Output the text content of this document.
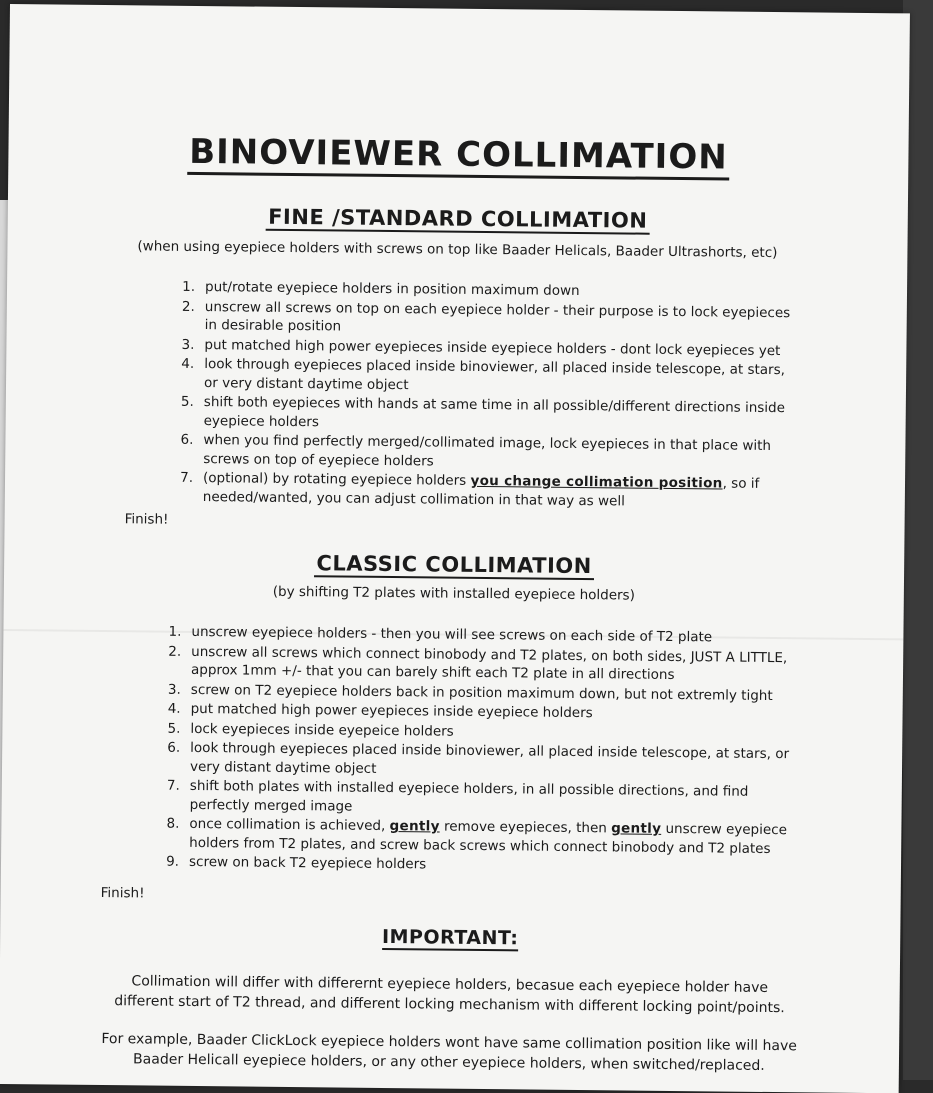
BINOVIEWER COLLIMATION
FINE /STANDARD COLLIMATION
(when using eyepiece holders with screws on top like Baader Helicals, Baader Ultrashorts, etc)
1. put/rotate eyepiece holders in position maximum down
2. unscrew all screws on top on each eyepiece holder - their purpose is to lock eyepieces in desirable position
3. put matched high power eyepieces inside eyepiece holders - dont lock eyepieces yet
4. look through eyepieces placed inside binoviewer, all placed inside telescope, at stars, or very distant daytime object
5. shift both eyepieces with hands at same time in all possible/different directions inside eyepiece holders
6. when you find perfectly merged/collimated image, lock eyepieces in that place with screws on top of eyepiece holders
7. (optional) by rotating eyepiece holders you change collimation position, so if needed/wanted, you can adjust collimation in that way as well
Finish!
CLASSIC COLLIMATION
(by shifting T2 plates with installed eyepiece holders)
1. unscrew eyepiece holders - then you will see screws on each side of T2 plate
2. unscrew all screws which connect binobody and T2 plates, on both sides, JUST A LITTLE, approx 1mm +/- that you can barely shift each T2 plate in all directions
3. screw on T2 eyepiece holders back in position maximum down, but not extremly tight
4. put matched high power eyepieces inside eyepiece holders
5. lock eyepieces inside eyepeice holders
6. look through eyepieces placed inside binoviewer, all placed inside telescope, at stars, or very distant daytime object
7. shift both plates with installed eyepiece holders, in all possible directions, and find perfectly merged image
8. once collimation is achieved, gently remove eyepieces, then gently unscrew eyepiece holders from T2 plates, and screw back screws which connect binobody and T2 plates
9. screw on back T2 eyepiece holders
Finish!
IMPORTANT:
Collimation will differ with differernt eyepiece holders, becasue each eyepiece holder have different start of T2 thread, and different locking mechanism with different locking point/points.
For example, Baader ClickLock eyepiece holders wont have same collimation position like will have Baader Helicall eyepiece holders, or any other eyepiece holders, when switched/replaced.
